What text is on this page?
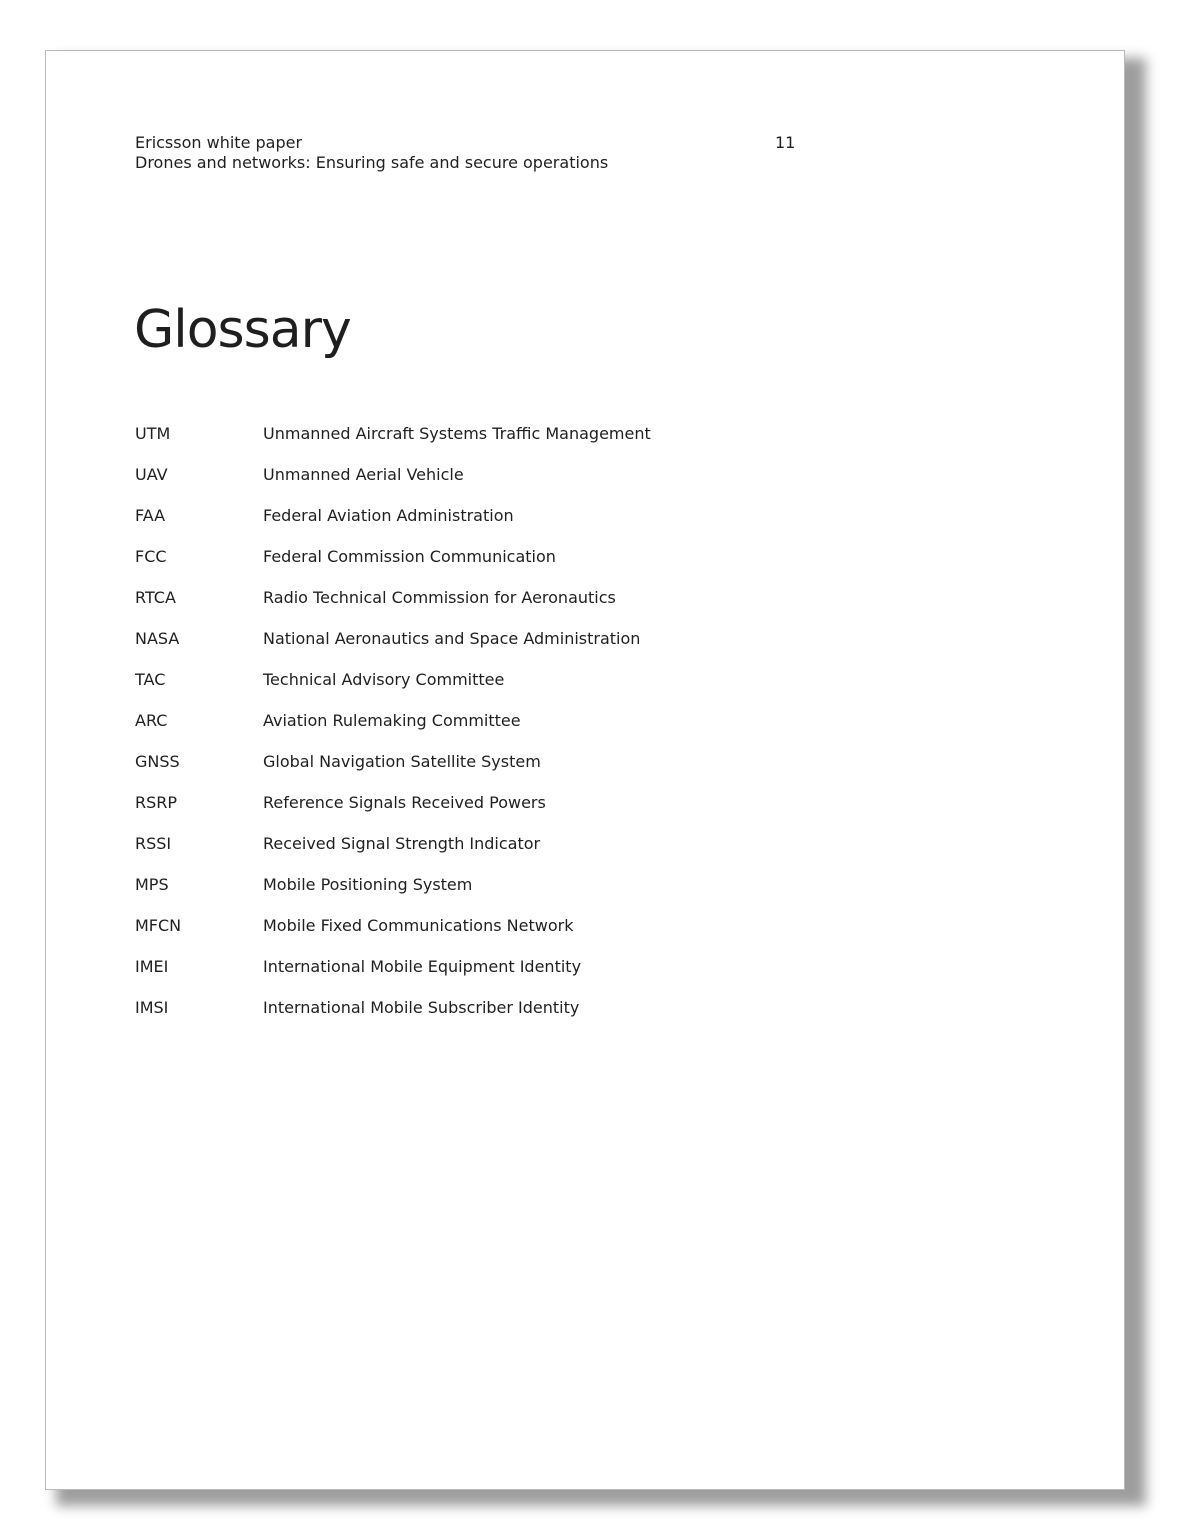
Ericsson white paper
Drones and networks: Ensuring safe and secure operations
11
Glossary
UTM	Unmanned Aircraft Systems Traffic Management
UAV	Unmanned Aerial Vehicle
FAA	Federal Aviation Administration
FCC	Federal Commission Communication
RTCA	Radio Technical Commission for Aeronautics
NASA	National Aeronautics and Space Administration
TAC	Technical Advisory Committee
ARC	Aviation Rulemaking Committee
GNSS	Global Navigation Satellite System
RSRP	Reference Signals Received Powers
RSSI	Received Signal Strength Indicator
MPS	Mobile Positioning System
MFCN	Mobile Fixed Communications Network
IMEI	International Mobile Equipment Identity
IMSI	International Mobile Subscriber Identity
